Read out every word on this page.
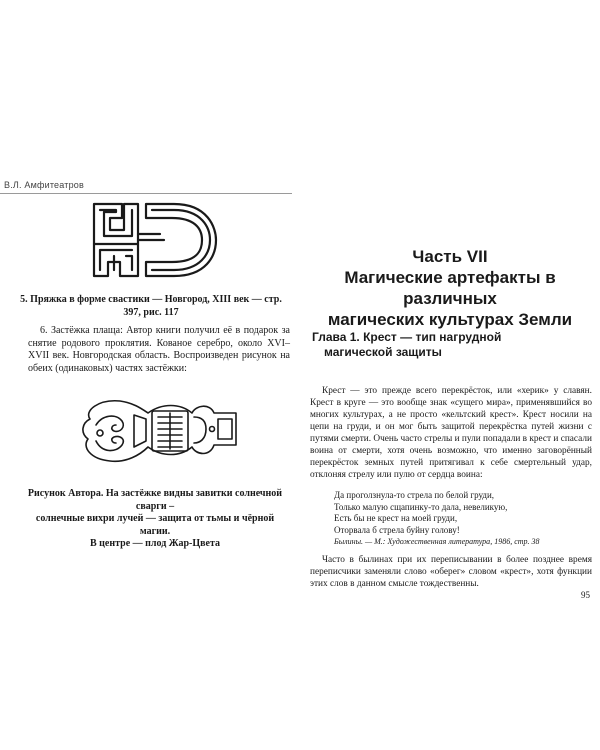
В.Л. Амфитеатров
5. Пряжка в форме свастики — Новгород, XIII век — стр. 397, рис. 117
6. Застёжка плаща: Автор книги получил её в подарок за снятие родового проклятия. Кованое серебро, около XVI–XVII век. Новгородская область. Воспроизведен рисунок на обеих (одинаковых) частях застёжки:
Рисунок Автора. На застёжке видны завитки солнечной сварги –
солнечные вихри лучей — защита от тьмы и чёрной магии.
В центре — плод Жар-Цвета
Часть VII
Магические артефакты в различных
магических культурах Земли
Глава 1. Крест — тип нагрудной
магической защиты
Крест — это прежде всего перекрёсток, или «херик» у славян. Крест в круге — это вообще знак «сущего мира», применявшийся во многих культурах, а не просто «кельтский крест». Крест носили на цепи на груди, и он мог быть защитой перекрёстка путей жизни с путями смерти. Очень часто стрелы и пули попадали в крест и спасали воина от смерти, хотя очень возможно, что именно заговорённый перекрёсток земных путей притягивал к себе смертельный удар, отклоняя стрелу или пулю от сердца воина:
Да проголзнула-то стрела по белой груди,
Только малую сщапинку-то дала, невеликую,
Есть бы не крест на моей груди,
Оторвала б стрела буйну голову!
Былины. — М.: Художественная литература, 1986, стр. 38
Часто в былинах при их переписывании в более позднее время переписчики заменяли слово «оберег» словом «крест», хотя функции этих слов в данном смысле тождественны.
95
